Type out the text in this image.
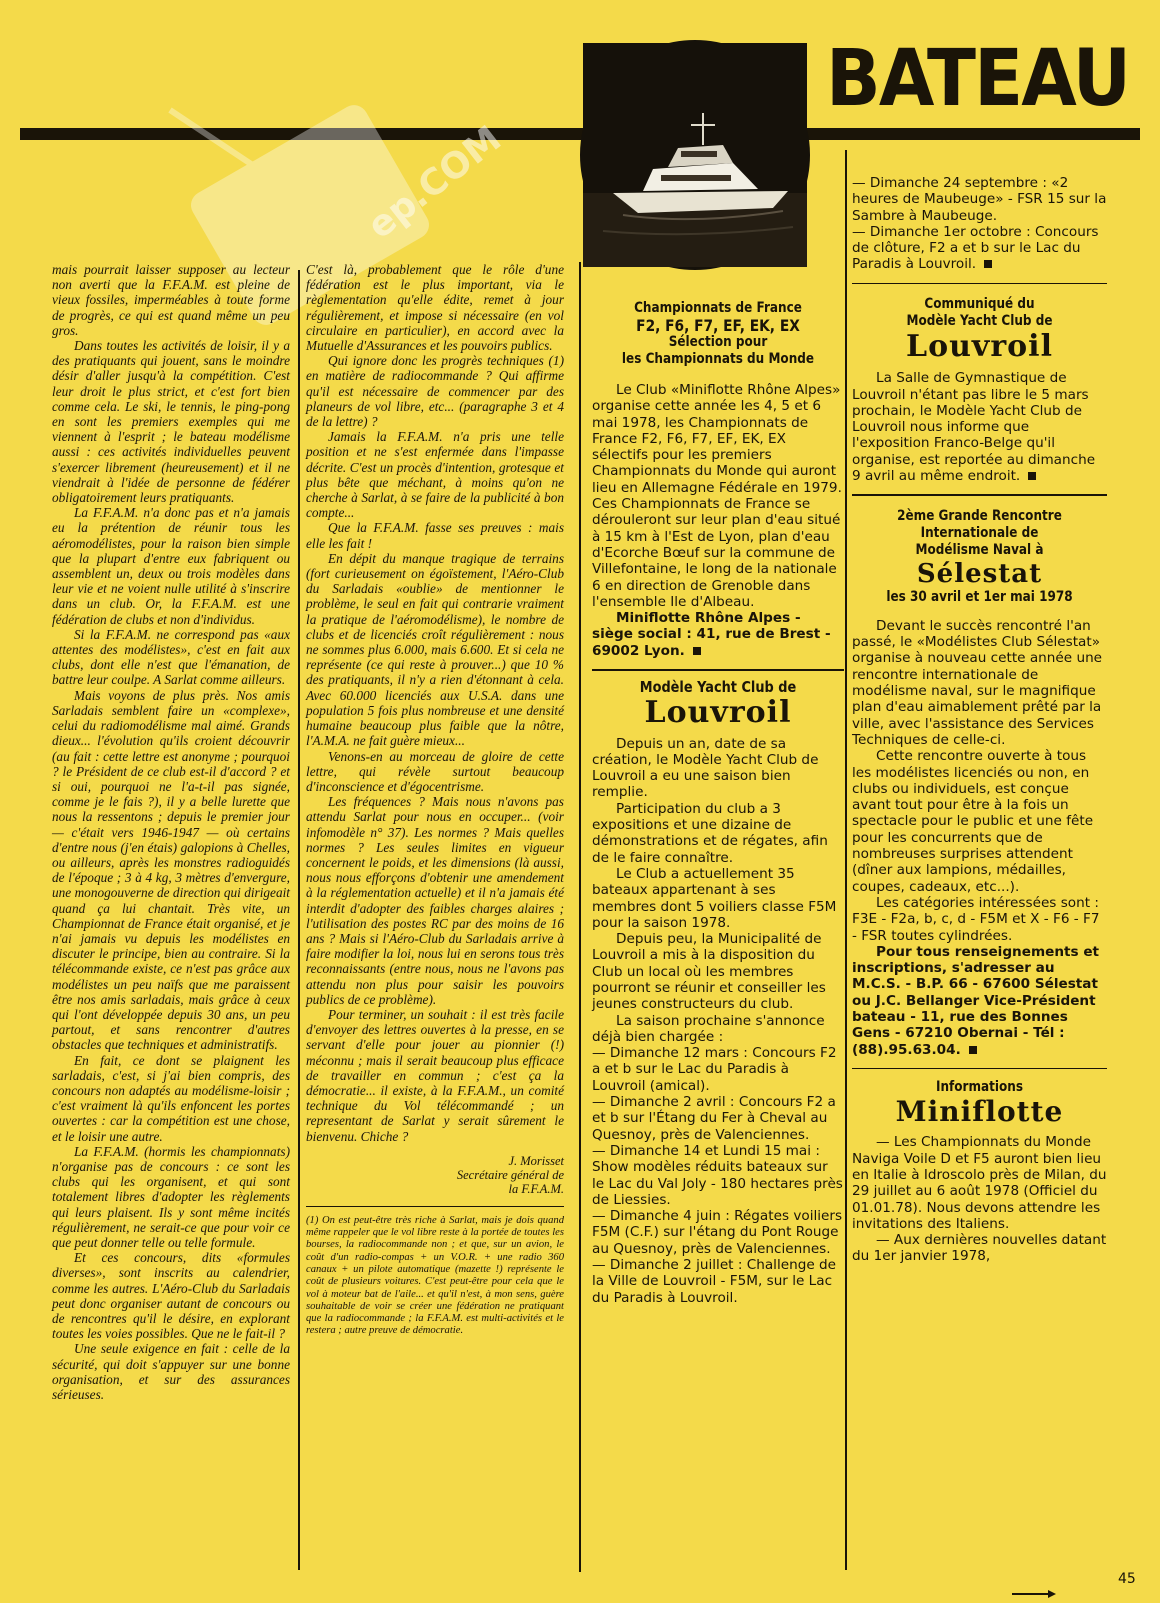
BATEAU
ep.COM

mais pourrait laisser supposer au lecteur non averti que la F.F.A.M. est pleine de vieux fossiles, imperméables à toute forme de progrès, ce qui est quand même un peu gros.

Dans toutes les activités de loisir, il y a des pratiquants qui jouent, sans le moindre désir d'aller jusqu'à la compétition. C'est leur droit le plus strict, et c'est fort bien comme cela. Le ski, le tennis, le ping-pong en sont les premiers exemples qui me viennent à l'esprit ; le bateau modélisme aussi : ces activités individuelles peuvent s'exercer librement (heureusement) et il ne viendrait à l'idée de personne de fédérer obligatoirement leurs pratiquants.

La F.F.A.M. n'a donc pas et n'a jamais eu la prétention de réunir tous les aéromodélistes, pour la raison bien simple que la plupart d'entre eux fabriquent ou assemblent un, deux ou trois modèles dans leur vie et ne voient nulle utilité à s'inscrire dans un club. Or, la F.F.A.M. est une fédération de clubs et non d'individus.

Si la F.F.A.M. ne correspond pas «aux attentes des modélistes», c'est en fait aux clubs, dont elle n'est que l'émanation, de battre leur coulpe. A Sarlat comme ailleurs.

Mais voyons de plus près. Nos amis Sarladais semblent faire un «complexe», celui du radiomodélisme mal aimé. Grands dieux... l'évolution qu'ils croient découvrir (au fait : cette lettre est anonyme ; pourquoi ? le Président de ce club est-il d'accord ? et si oui, pourquoi ne l'a-t-il pas signée, comme je le fais ?), il y a belle lurette que nous la ressentons ; depuis le premier jour — c'était vers 1946-1947 — où certains d'entre nous (j'en étais) galopions à Chelles, ou ailleurs, après les monstres radioguidés de l'époque ; 3 à 4 kg, 3 mètres d'envergure, une monogouverne de direction qui dirigeait quand ça lui chantait. Très vite, un Championnat de France était organisé, et je n'ai jamais vu depuis les modélistes en discuter le principe, bien au contraire. Si la télécommande existe, ce n'est pas grâce aux modélistes un peu naïfs que me paraissent être nos amis sarladais, mais grâce à ceux qui l'ont développée depuis 30 ans, un peu partout, et sans rencontrer d'autres obstacles que techniques et administratifs.

En fait, ce dont se plaignent les sarladais, c'est, si j'ai bien compris, des concours non adaptés au modélisme-loisir ; c'est vraiment là qu'ils enfoncent les portes ouvertes : car la compétition est une chose, et le loisir une autre.

La F.F.A.M. (hormis les championnats) n'organise pas de concours : ce sont les clubs qui les organisent, et qui sont totalement libres d'adopter les règlements qui leurs plaisent. Ils y sont même incités régulièrement, ne serait-ce que pour voir ce que peut donner telle ou telle formule.

Et ces concours, dits «formules diverses», sont inscrits au calendrier, comme les autres. L'Aéro-Club du Sarladais peut donc organiser autant de concours ou de rencontres qu'il le désire, en explorant toutes les voies possibles. Que ne le fait-il ?

Une seule exigence en fait : celle de la sécurité, qui doit s'appuyer sur une bonne organisation, et sur des assurances sérieuses.

C'est là, probablement que le rôle d'une fédération est le plus important, via le règlementation qu'elle édite, remet à jour régulièrement, et impose si nécessaire (en vol circulaire en particulier), en accord avec la Mutuelle d'Assurances et les pouvoirs publics.

Qui ignore donc les progrès techniques (1) en matière de radiocommande ? Qui affirme qu'il est nécessaire de commencer par des planeurs de vol libre, etc... (paragraphe 3 et 4 de la lettre) ?

Jamais la F.F.A.M. n'a pris une telle position et ne s'est enfermée dans l'impasse décrite. C'est un procès d'intention, grotesque et plus bête que méchant, à moins qu'on ne cherche à Sarlat, à se faire de la publicité à bon compte...

Que la F.F.A.M. fasse ses preuves : mais elle les fait !

En dépit du manque tragique de terrains (fort curieusement on égoïstement, l'Aéro-Club du Sarladais «oublie» de mentionner le problème, le seul en fait qui contrarie vraiment la pratique de l'aéromodélisme), le nombre de clubs et de licenciés croît régulièrement : nous ne sommes plus 6.000, mais 6.600. Et si cela ne représente (ce qui reste à prouver...) que 10 % des pratiquants, il n'y a rien d'étonnant à cela. Avec 60.000 licenciés aux U.S.A. dans une population 5 fois plus nombreuse et une densité humaine beaucoup plus faible que la nôtre, l'A.M.A. ne fait guère mieux...

Venons-en au morceau de gloire de cette lettre, qui révèle surtout beaucoup d'inconscience et d'égocentrisme.

Les fréquences ? Mais nous n'avons pas attendu Sarlat pour nous en occuper... (voir infomodèle n° 37). Les normes ? Mais quelles normes ? Les seules limites en vigueur concernent le poids, et les dimensions (là aussi, nous nous efforçons d'obtenir une amendement à la réglementation actuelle) et il n'a jamais été interdit d'adopter des faibles charges alaires ; l'utilisation des postes RC par des moins de 16 ans ? Mais si l'Aéro-Club du Sarladais arrive à faire modifier la loi, nous lui en serons tous très reconnaissants (entre nous, nous ne l'avons pas attendu non plus pour saisir les pouvoirs publics de ce problème).

Pour terminer, un souhait : il est très facile d'envoyer des lettres ouvertes à la presse, en se servant d'elle pour jouer au pionnier (!) méconnu ; mais il serait beaucoup plus efficace de travailler en commun ; c'est ça la démocratie... il existe, à la F.F.A.M., un comité technique du Vol télécommandé ; un representant de Sarlat y serait sûrement le bienvenu. Chiche ?

J. Morisset
Secrétaire général de
la F.F.A.M.
(1) On est peut-être très riche à Sarlat, mais je dois quand même rappeler que le vol libre reste à la portée de toutes les bourses, la radiocommande non ; et que, sur un avion, le coût d'un radio-compas + un V.O.R. + une radio 360 canaux + un pilote automatique (mazette !) représente le coût de plusieurs voitures. C'est peut-être pour cela que le vol à moteur bat de l'aile... et qu'il n'est, à mon sens, guère souhaitable de voir se créer une fédération ne pratiquant que la radiocommande ; la F.F.A.M. est multi-activités et le restera ; autre preuve de démocratie.
Championnats de France
F2, F6, F7, EF, EK, EX
Sélection pour
les Championnats du Monde

Le Club «Miniflotte Rhône Alpes» organise cette année les 4, 5 et 6 mai 1978, les Championnats de France F2, F6, F7, EF, EK, EX sélectifs pour les premiers Championnats du Monde qui auront lieu en Allemagne Fédérale en 1979. Ces Championnats de France se dérouleront sur leur plan d'eau situé à 15 km à l'Est de Lyon, plan d'eau d'Ecorche Bœuf sur la commune de Villefontaine, le long de la nationale 6 en direction de Grenoble dans l'ensemble Ile d'Albeau.

Miniflotte Rhône Alpes - siège social : 41, rue de Brest - 69002 Lyon.

Modèle Yacht Club de
Louvroil

Depuis un an, date de sa création, le Modèle Yacht Club de Louvroil a eu une saison bien remplie.

Participation du club a 3 expositions et une dizaine de démonstrations et de régates, afin de le faire connaître.

Le Club a actuellement 35 bateaux appartenant à ses membres dont 5 voiliers classe F5M pour la saison 1978.

Depuis peu, la Municipalité de Louvroil a mis à la disposition du Club un local où les membres pourront se réunir et conseiller les jeunes constructeurs du club.

La saison prochaine s'annonce déjà bien chargée :

— Dimanche 12 mars : Concours F2 a et b sur le Lac du Paradis à Louvroil (amical).

— Dimanche 2 avril : Concours F2 a et b sur l'Étang du Fer à Cheval au Quesnoy, près de Valenciennes.

— Dimanche 14 et Lundi 15 mai : Show modèles réduits bateaux sur le Lac du Val Joly - 180 hectares près de Liessies.

— Dimanche 4 juin : Régates voiliers F5M (C.F.) sur l'étang du Pont Rouge au Quesnoy, près de Valenciennes.

— Dimanche 2 juillet : Challenge de la Ville de Louvroil - F5M, sur le Lac du Paradis à Louvroil.

— Dimanche 24 septembre : «2 heures de Maubeuge» - FSR 15 sur la Sambre à Maubeuge.

— Dimanche 1er octobre : Concours de clôture, F2 a et b sur le Lac du Paradis à Louvroil.

Communiqué du
Modèle Yacht Club de
Louvroil

La Salle de Gymnastique de Louvroil n'étant pas libre le 5 mars prochain, le Modèle Yacht Club de Louvroil nous informe que l'exposition Franco-Belge qu'il organise, est reportée au dimanche 9 avril au même endroit.

2ème Grande Rencontre
Internationale de
Modélisme Naval à
Sélestat
les 30 avril et 1er mai 1978

Devant le succès rencontré l'an passé, le «Modélistes Club Sélestat» organise à nouveau cette année une rencontre internationale de modélisme naval, sur le magnifique plan d'eau aimablement prêté par la ville, avec l'assistance des Services Techniques de celle-ci.

Cette rencontre ouverte à tous les modélistes licenciés ou non, en clubs ou individuels, est conçue avant tout pour être à la fois un spectacle pour le public et une fête pour les concurrents que de nombreuses surprises attendent (dîner aux lampions, médailles, coupes, cadeaux, etc...).

Les catégories intéressées sont : F3E - F2a, b, c, d - F5M et X - F6 - F7 - FSR toutes cylindrées.

Pour tous renseignements et inscriptions, s'adresser au M.C.S. - B.P. 66 - 67600 Sélestat ou J.C. Bellanger Vice-Président bateau - 11, rue des Bonnes Gens - 67210 Obernai - Tél :(88).95.63.04.

Informations
Miniflotte

— Les Championnats du Monde Naviga Voile D et F5 auront bien lieu en Italie à Idroscolo près de Milan, du 29 juillet au 6 août 1978 (Officiel du 01.01.78). Nous devons attendre les invitations des Italiens.

— Aux dernières nouvelles datant du 1er janvier 1978,

45
